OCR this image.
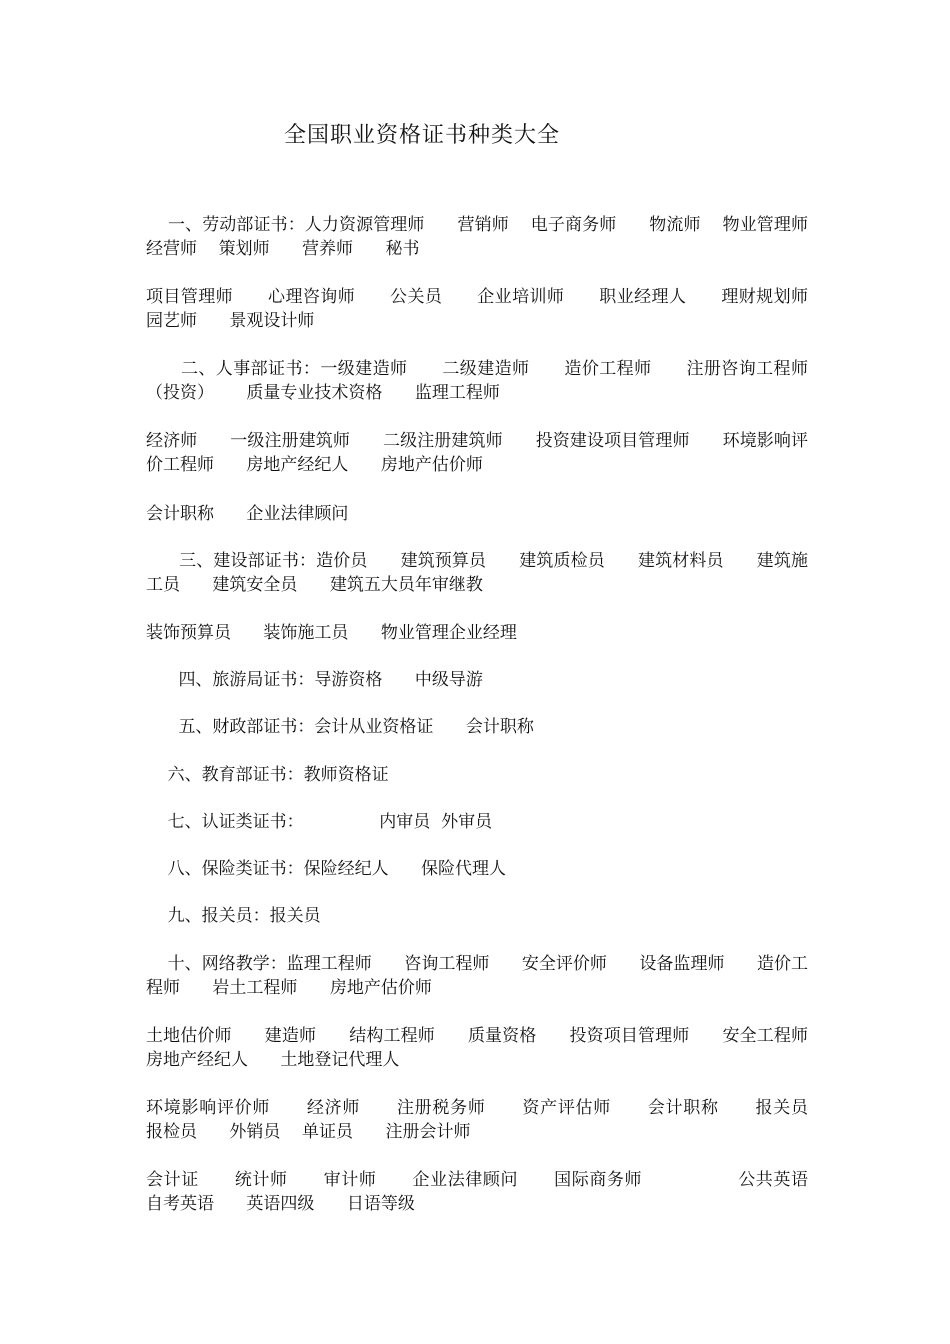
全国职业资格证书种类大全
一、劳动部证书：人力资源管理师      营销师    电子商务师      物流师    物业管理师      经营师    策划师      营养师      秘书
项目管理师      心理咨询师      公关员      企业培训师      职业经理人      理财规划师      园艺师      景观设计师
二、人事部证书：一级建造师      二级建造师      造价工程师      注册咨询工程师（投资）      质量专业技术资格      监理工程师
经济师      一级注册建筑师      二级注册建筑师      投资建设项目管理师      环境影响评价工程师      房地产经纪人      房地产估价师
会计职称      企业法律顾问
三、建设部证书：造价员      建筑预算员      建筑质检员      建筑材料员      建筑施工员      建筑安全员      建筑五大员年审继教
装饰预算员      装饰施工员      物业管理企业经理
四、旅游局证书：导游资格      中级导游
五、财政部证书：会计从业资格证      会计职称
六、教育部证书：教师资格证
七、认证类证书：              内审员  外审员
八、保险类证书：保险经纪人      保险代理人
九、报关员：报关员
十、网络教学：监理工程师      咨询工程师      安全评价师      设备监理师      造价工程师      岩土工程师      房地产估价师
土地估价师      建造师      结构工程师      质量资格      投资项目管理师      安全工程师      房地产经纪人      土地登记代理人
环境影响评价师      经济师      注册税务师      资产评估师      会计职称      报关员      报检员      外销员    单证员      注册会计师
会计证      统计师      审计师      企业法律顾问      国际商务师                公共英语      自考英语      英语四级      日语等级
